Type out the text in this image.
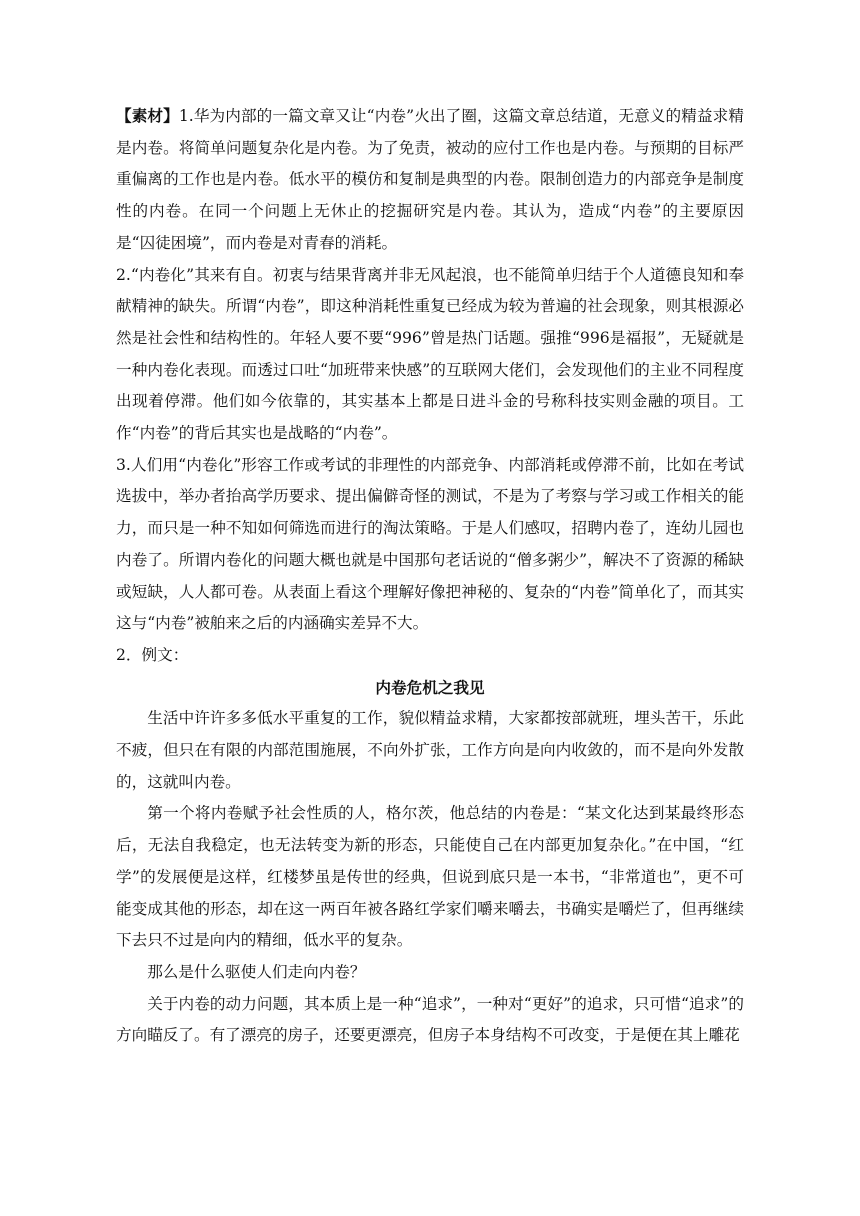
【素材】1.华为内部的一篇文章又让“内卷”火出了圈，这篇文章总结道，无意义的精益求精是内卷。将简单问题复杂化是内卷。为了免责，被动的应付工作也是内卷。与预期的目标严重偏离的工作也是内卷。低水平的模仿和复制是典型的内卷。限制创造力的内部竞争是制度性的内卷。在同一个问题上无休止的挖掘研究是内卷。其认为，造成“内卷”的主要原因是“囚徒困境”，而内卷是对青春的消耗。

2.“内卷化”其来有自。初衷与结果背离并非无风起浪，也不能简单归结于个人道德良知和奉献精神的缺失。所谓“内卷”，即这种消耗性重复已经成为较为普遍的社会现象，则其根源必然是社会性和结构性的。年轻人要不要“996”曾是热门话题。强推“996是福报”，无疑就是一种内卷化表现。而透过口吐“加班带来快感”的互联网大佬们，会发现他们的主业不同程度出现着停滞。他们如今依靠的，其实基本上都是日进斗金的号称科技实则金融的项目。工作“内卷”的背后其实也是战略的“内卷”。

3.人们用“内卷化”形容工作或考试的非理性的内部竞争、内部消耗或停滞不前，比如在考试选拔中，举办者抬高学历要求、提出偏僻奇怪的测试，不是为了考察与学习或工作相关的能力，而只是一种不知如何筛选而进行的淘汰策略。于是人们感叹，招聘内卷了，连幼儿园也内卷了。所谓内卷化的问题大概也就是中国那句老话说的“僧多粥少”，解决不了资源的稀缺或短缺，人人都可卷。从表面上看这个理解好像把神秘的、复杂的“内卷”简单化了，而其实这与“内卷”被舶来之后的内涵确实差异不大。

2．例文：

内卷危机之我见

生活中许许多多低水平重复的工作，貌似精益求精，大家都按部就班，埋头苦干，乐此不疲，但只在有限的内部范围施展，不向外扩张，工作方向是向内收敛的，而不是向外发散的，这就叫内卷。

第一个将内卷赋予社会性质的人，格尔茨，他总结的内卷是：“某文化达到某最终形态后，无法自我稳定，也无法转变为新的形态，只能使自己在内部更加复杂化。”在中国，“红学”的发展便是这样，红楼梦虽是传世的经典，但说到底只是一本书，“非常道也”，更不可能变成其他的形态，却在这一两百年被各路红学家们嚼来嚼去，书确实是嚼烂了，但再继续下去只不过是向内的精细，低水平的复杂。

那么是什么驱使人们走向内卷？

关于内卷的动力问题，其本质上是一种“追求”，一种对“更好”的追求，只可惜“追求”的方向瞄反了。有了漂亮的房子，还要更漂亮，但房子本身结构不可改变，于是便在其上雕花
